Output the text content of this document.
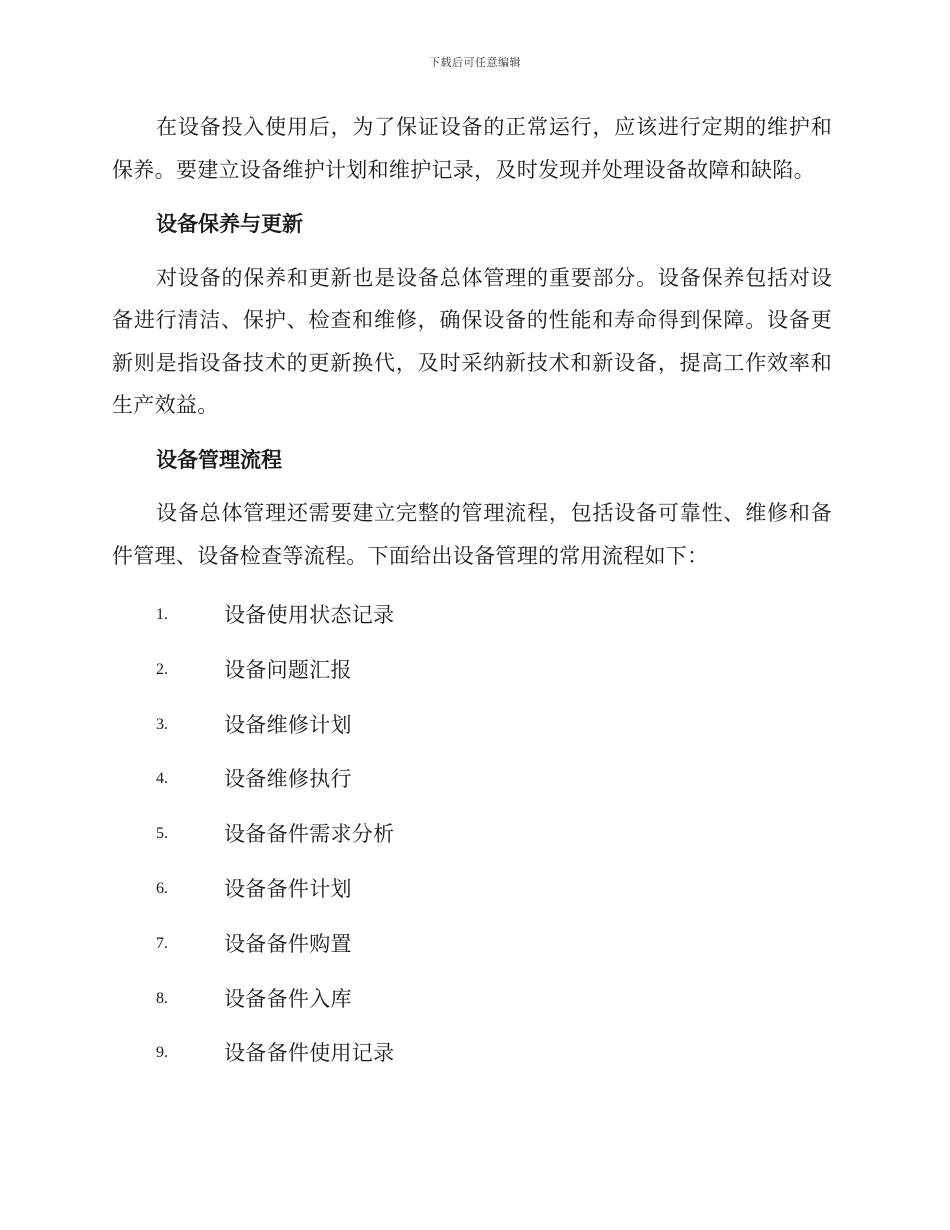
下载后可任意编辑

在设备投入使用后，为了保证设备的正常运行，应该进行定期的维护和保养。要建立设备维护计划和维护记录，及时发现并处理设备故障和缺陷。

设备保养与更新

对设备的保养和更新也是设备总体管理的重要部分。设备保养包括对设备进行清洁、保护、检查和维修，确保设备的性能和寿命得到保障。设备更新则是指设备技术的更新换代，及时采纳新技术和新设备，提高工作效率和生产效益。

设备管理流程

设备总体管理还需要建立完整的管理流程，包括设备可靠性、维修和备件管理、设备检查等流程。下面给出设备管理的常用流程如下：

1.	设备使用状态记录
2.	设备问题汇报
3.	设备维修计划
4.	设备维修执行
5.	设备备件需求分析
6.	设备备件计划
7.	设备备件购置
8.	设备备件入库
9.	设备备件使用记录
